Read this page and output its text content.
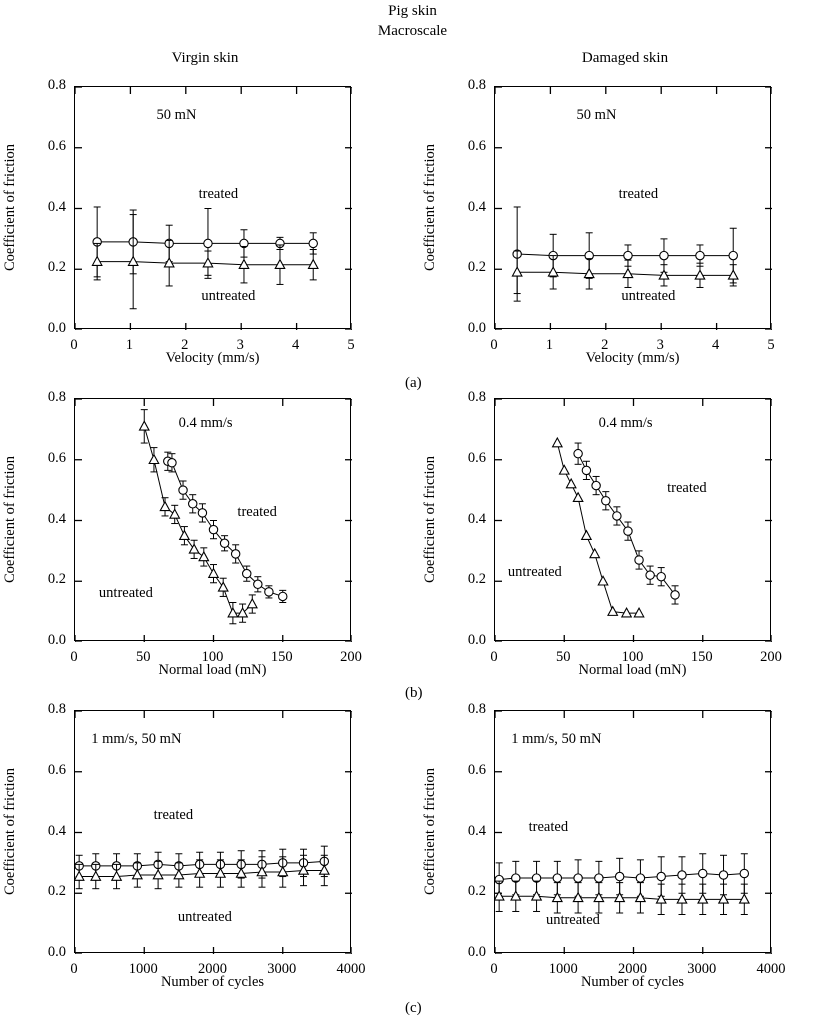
Pig skin
Macroscale
Virgin skin	Damaged skin
(a)
(b)
(c)
Coefficient of friction
0.0
0.2
0.4
0.6
0.8
0	1	2	3	4	5
Velocity (mm/s)
50 mN
treated
untreated
Coefficient of friction
0.0
0.2
0.4
0.6
0.8
0	1	2	3	4	5
Velocity (mm/s)
50 mN
treated
untreated
Coefficient of friction
0.0
0.2
0.4
0.6
0.8
0	50	100	150	200
Normal load (mN)
0.4 mm/s
treated
untreated
Coefficient of friction
0.0
0.2
0.4
0.6
0.8
0	50	100	150	200
Normal load (mN)
0.4 mm/s
treated
untreated
Coefficient of friction
0.0
0.2
0.4
0.6
0.8
0	1000	2000	3000	4000
Number of cycles
1 mm/s, 50 mN
treated
untreated
Coefficient of friction
0.0
0.2
0.4
0.6
0.8
0	1000	2000	3000	4000
Number of cycles
1 mm/s, 50 mN
treated
untreated
